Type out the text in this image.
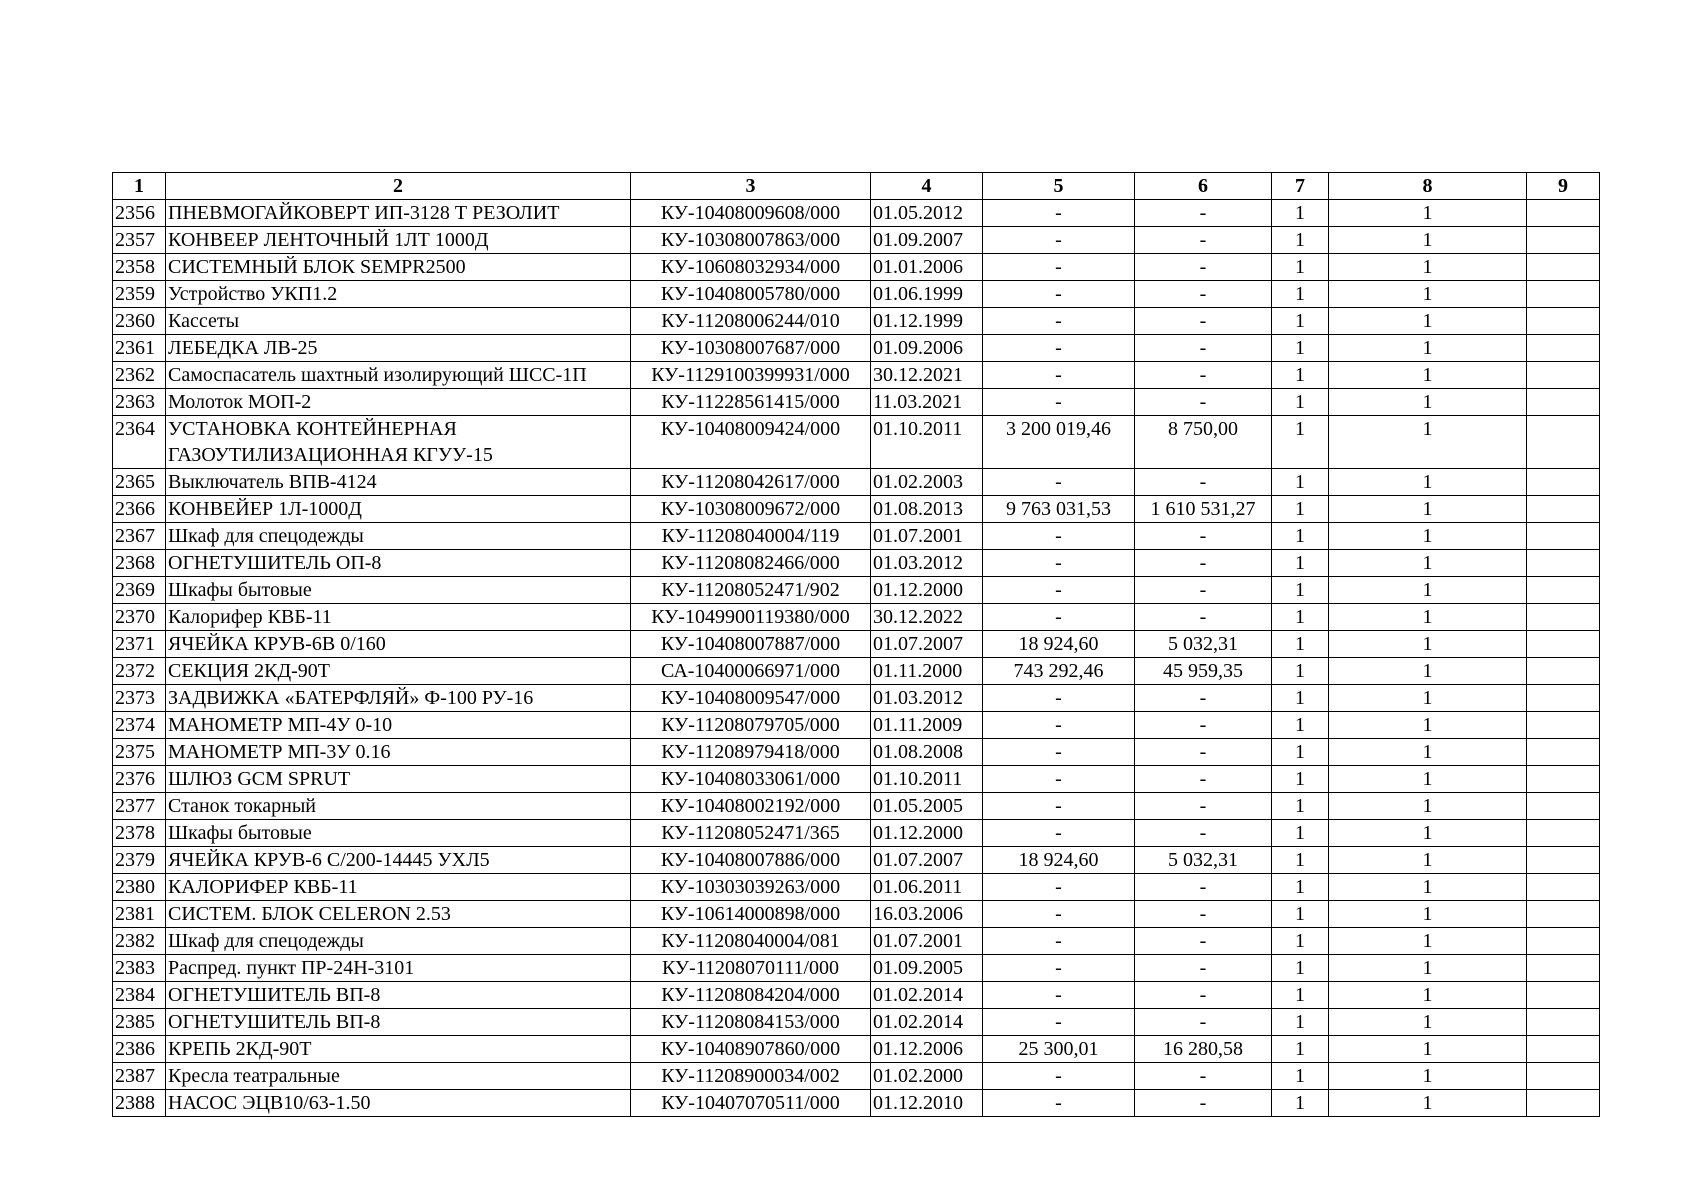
1	2	3	4	5	6	7	8	9
2356	ПНЕВМОГАЙКОВЕРТ ИП-3128 Т РЕЗОЛИТ	КУ-10408009608/000	01.05.2012	-	-	1	1	
2357	КОНВЕЕР ЛЕНТОЧНЫЙ 1ЛТ 1000Д	КУ-10308007863/000	01.09.2007	-	-	1	1	
2358	СИСТЕМНЫЙ БЛОК SEMPR2500	КУ-10608032934/000	01.01.2006	-	-	1	1	
2359	Устройство УКП1.2	КУ-10408005780/000	01.06.1999	-	-	1	1	
2360	Кассеты	КУ-11208006244/010	01.12.1999	-	-	1	1	
2361	ЛЕБЕДКА ЛВ-25	КУ-10308007687/000	01.09.2006	-	-	1	1	
2362	Самоспасатель шахтный изолирующий ШСС-1П	КУ-1129100399931/000	30.12.2021	-	-	1	1	
2363	Молоток МОП-2	КУ-11228561415/000	11.03.2021	-	-	1	1	
2364	УСТАНОВКА КОНТЕЙНЕРНАЯ ГАЗОУТИЛИЗАЦИОННАЯ КГУУ-15	КУ-10408009424/000	01.10.2011	3 200 019,46	8 750,00	1	1	
2365	Выключатель ВПВ-4124	КУ-11208042617/000	01.02.2003	-	-	1	1	
2366	КОНВЕЙЕР 1Л-1000Д	КУ-10308009672/000	01.08.2013	9 763 031,53	1 610 531,27	1	1	
2367	Шкаф для спецодежды	КУ-11208040004/119	01.07.2001	-	-	1	1	
2368	ОГНЕТУШИТЕЛЬ ОП-8	КУ-11208082466/000	01.03.2012	-	-	1	1	
2369	Шкафы бытовые	КУ-11208052471/902	01.12.2000	-	-	1	1	
2370	Калорифер КВБ-11	КУ-1049900119380/000	30.12.2022	-	-	1	1	
2371	ЯЧЕЙКА КРУВ-6В 0/160	КУ-10408007887/000	01.07.2007	18 924,60	5 032,31	1	1	
2372	СЕКЦИЯ 2КД-90Т	СА-10400066971/000	01.11.2000	743 292,46	45 959,35	1	1	
2373	ЗАДВИЖКА «БАТЕРФЛЯЙ» Ф-100 РУ-16	КУ-10408009547/000	01.03.2012	-	-	1	1	
2374	МАНОМЕТР МП-4У 0-10	КУ-11208079705/000	01.11.2009	-	-	1	1	
2375	МАНОМЕТР МП-3У 0.16	КУ-11208979418/000	01.08.2008	-	-	1	1	
2376	ШЛЮЗ GCM SPRUT	КУ-10408033061/000	01.10.2011	-	-	1	1	
2377	Станок токарный	КУ-10408002192/000	01.05.2005	-	-	1	1	
2378	Шкафы бытовые	КУ-11208052471/365	01.12.2000	-	-	1	1	
2379	ЯЧЕЙКА КРУВ-6 С/200-14445 УХЛ5	КУ-10408007886/000	01.07.2007	18 924,60	5 032,31	1	1	
2380	КАЛОРИФЕР КВБ-11	КУ-10303039263/000	01.06.2011	-	-	1	1	
2381	СИСТЕМ. БЛОК CELERON 2.53	КУ-10614000898/000	16.03.2006	-	-	1	1	
2382	Шкаф для спецодежды	КУ-11208040004/081	01.07.2001	-	-	1	1	
2383	Распред. пункт ПР-24Н-3101	КУ-11208070111/000	01.09.2005	-	-	1	1	
2384	ОГНЕТУШИТЕЛЬ ВП-8	КУ-11208084204/000	01.02.2014	-	-	1	1	
2385	ОГНЕТУШИТЕЛЬ ВП-8	КУ-11208084153/000	01.02.2014	-	-	1	1	
2386	КРЕПЬ 2КД-90Т	КУ-10408907860/000	01.12.2006	25 300,01	16 280,58	1	1	
2387	Кресла театральные	КУ-11208900034/002	01.02.2000	-	-	1	1	
2388	НАСОС ЭЦВ10/63-1.50	КУ-10407070511/000	01.12.2010	-	-	1	1	
